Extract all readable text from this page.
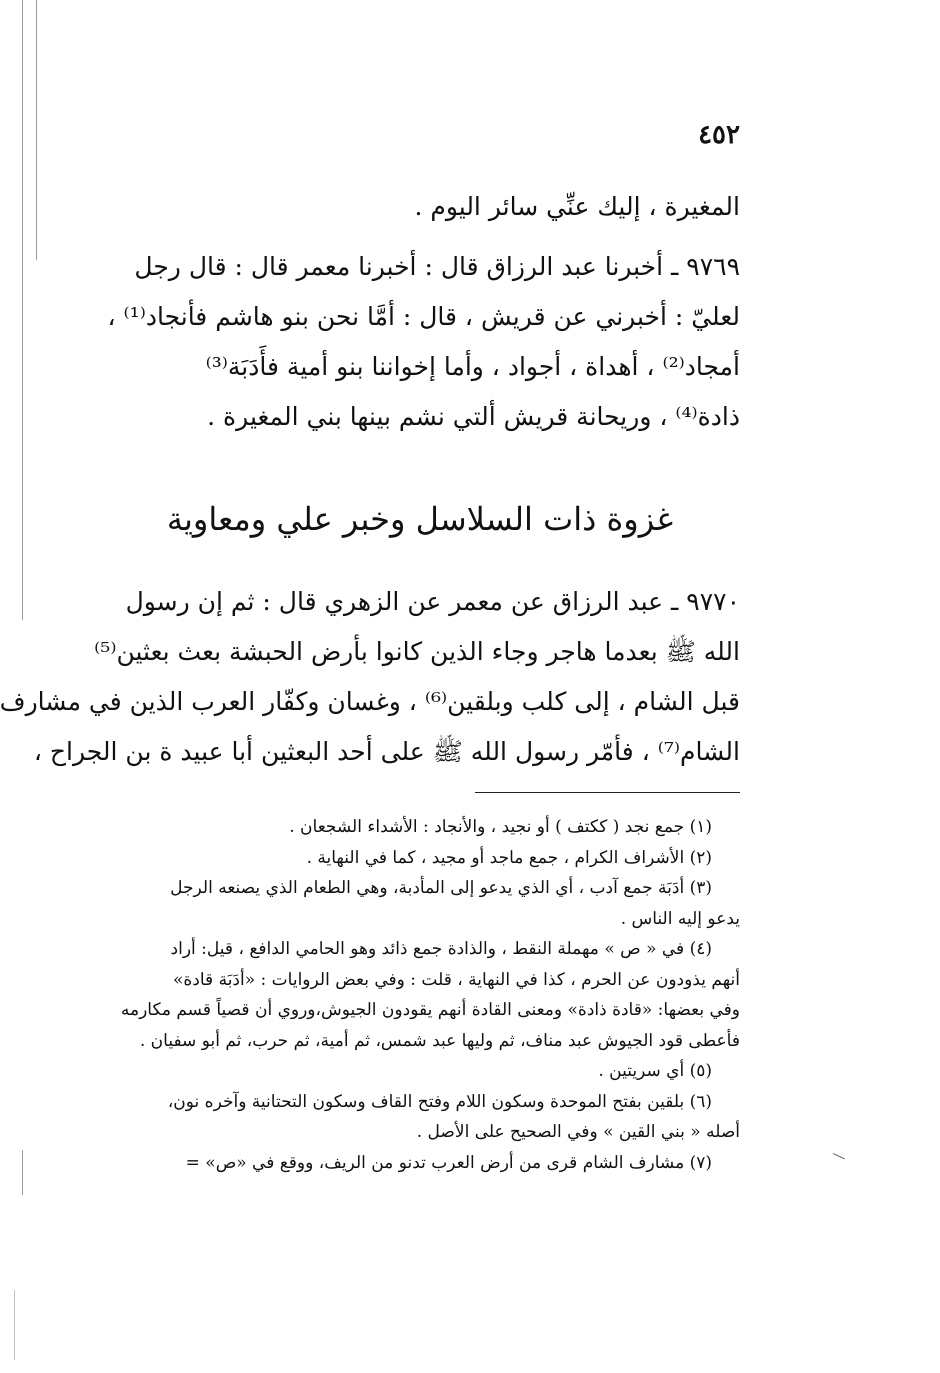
٤٥٢
المغيرة ، إليك عنِّي سائر اليوم .
٩٧٦٩ ـ أخبرنا عبد الرزاق قال : أخبرنا معمر قال : قال رجل
لعليّ : أخبرني عن قريش ، قال : أمَّا نحن بنو هاشم فأنجاد⁽¹⁾ ،
أمجاد⁽²⁾ ، أهداة ، أجواد ، وأما إخواننا بنو أمية فأَدَبَة⁽³⁾
ذادة⁽⁴⁾ ، وريحانة قريش ألتي نشم بينها بني المغيرة .
غزوة ذات السلاسل وخبر علي ومعاوية
٩٧٧٠ ـ عبد الرزاق عن معمر عن الزهري قال : ثم إن رسول
الله ﷺ بعدما هاجر وجاء الذين كانوا بأرض الحبشة بعث بعثين⁽⁵⁾
قبل الشام ، إلى كلب وبلقين⁽⁶⁾ ، وغسان وكفّار العرب الذين في مشارف
الشام⁽⁷⁾ ، فأمّر رسول الله ﷺ على أحد البعثين أبا عبيد ة بن الجراح ،
(١) جمع نجد ( ككتف ) أو نجيد ، والأنجاد : الأشداء الشجعان .
(٢) الأشراف الكرام ، جمع ماجد أو مجيد ، كما في النهاية .
(٣) أدَبَة جمع آدب ، أي الذي يدعو إلى المأدبة، وهي الطعام الذي يصنعه الرجل
يدعو إليه الناس .
(٤) في « ص » مهملة النقط ، والذادة جمع ذائد وهو الحامي الدافع ، قيل: أراد
أنهم يذودون عن الحرم ، كذا في النهاية ، قلت : وفي بعض الروايات : «أدَبَة قادة»
وفي بعضها: «قادة ذادة» ومعنى القادة أنهم يقودون الجيوش،وروي أن قصياً قسم مكارمه
فأعطى قود الجيوش عبد مناف، ثم وليها عبد شمس، ثم أمية، ثم حرب، ثم أبو سفيان .
(٥) أي سريتين .
(٦) بلقين بفتح الموحدة وسكون اللام وفتح القاف وسكون التحتانية وآخره نون،
أصله « بني القين » وفي الصحيح على الأصل .
(٧) مشارف الشام قرى من أرض العرب تدنو من الريف، ووقع في «ص» =	—
